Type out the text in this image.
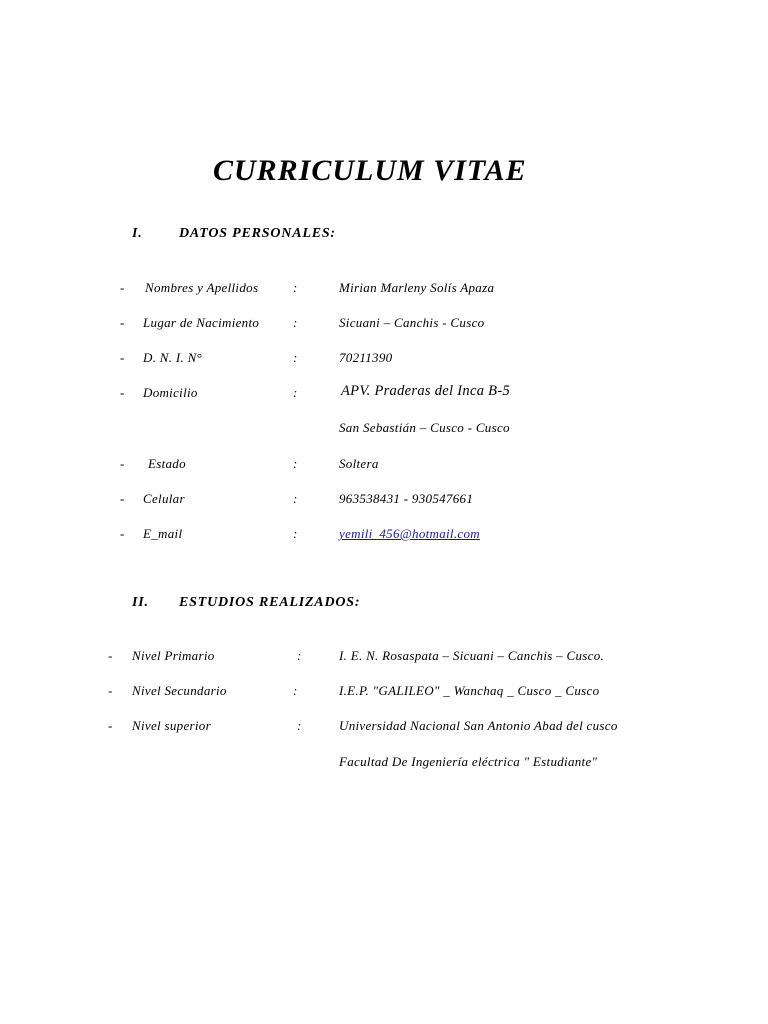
CURRICULUM VITAE
I.	DATOS PERSONALES:
- Nombres y Apellidos	:	Mirian Marleny Solís Apaza
- Lugar de Nacimiento	:	Sicuani – Canchis - Cusco
- D. N. I. N°	:	70211390
- Domicilio	:	APV. Praderas del Inca B-5
San Sebastián – Cusco - Cusco
- Estado	:	Soltera
- Celular	:	963538431 - 930547661
- E_mail	:	yemili_456@hotmail.com
II. ESTUDIOS REALIZADOS:
- Nivel Primario	:	I. E. N. Rosaspata – Sicuani – Canchis – Cusco.
- Nivel Secundario	:	I.E.P. "GALILEO" _ Wanchaq _ Cusco _ Cusco
- Nivel superior	:	Universidad Nacional San Antonio Abad del cusco
Facultad De Ingeniería eléctrica " Estudiante"
